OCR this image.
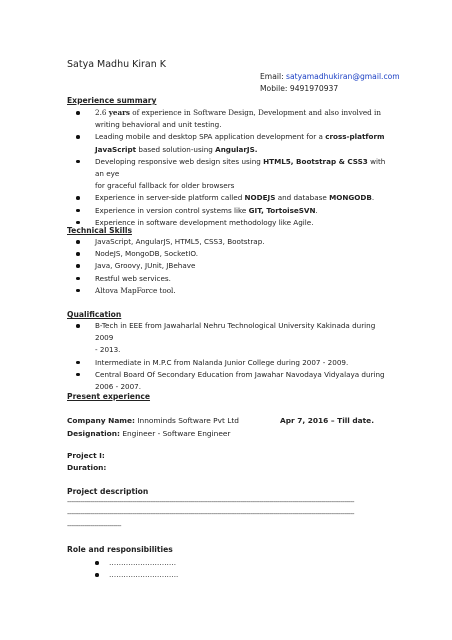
Satya Madhu Kiran K
Email: satyamadhukiran@gmail.com
Mobile: 9491970937
Experience summary
2.6 years of experience in Software Design, Development and also involved in
writing behavioral and unit testing.
Leading mobile and desktop SPA application development for a cross-platform
JavaScript based solution-using AngularJS.
Developing responsive web design sites using HTML5, Bootstrap & CSS3 with an eye
for graceful fallback for older browsers
Experience in server-side platform called NODEJS and database MONGODB.
Experience in version control systems like GIT, TortoiseSVN.
Experience in software development methodology like Agile.
Technical Skills
JavaScript, AngularJS, HTML5, CSS3, Bootstrap.
NodeJS, MongoDB, SocketIO.
Java, Groovy, JUnit, JBehave
Restful web services.
Altova MapForce tool.
Qualification
B-Tech in EEE from Jawaharlal Nehru Technological University Kakinada during 2009
- 2013.
Intermediate in M.P.C from Nalanda Junior College during 2007 - 2009.
Central Board Of Secondary Education from Jawahar Navodaya Vidyalaya during
2006 - 2007.
Present experience
Company Name: Innominds Software Pvt Ltd	Apr 7, 2016 – Till date.
Designation: Engineer - Software Engineer
Project I:
Duration:
Project description
-----------------------------------------------------------------------------------------------------------------------------------------------------
-----------------------------------------------------------------------------------------------------------------------------------------------------
----------------------------
Role and responsibilities
……………………….
………………………..
